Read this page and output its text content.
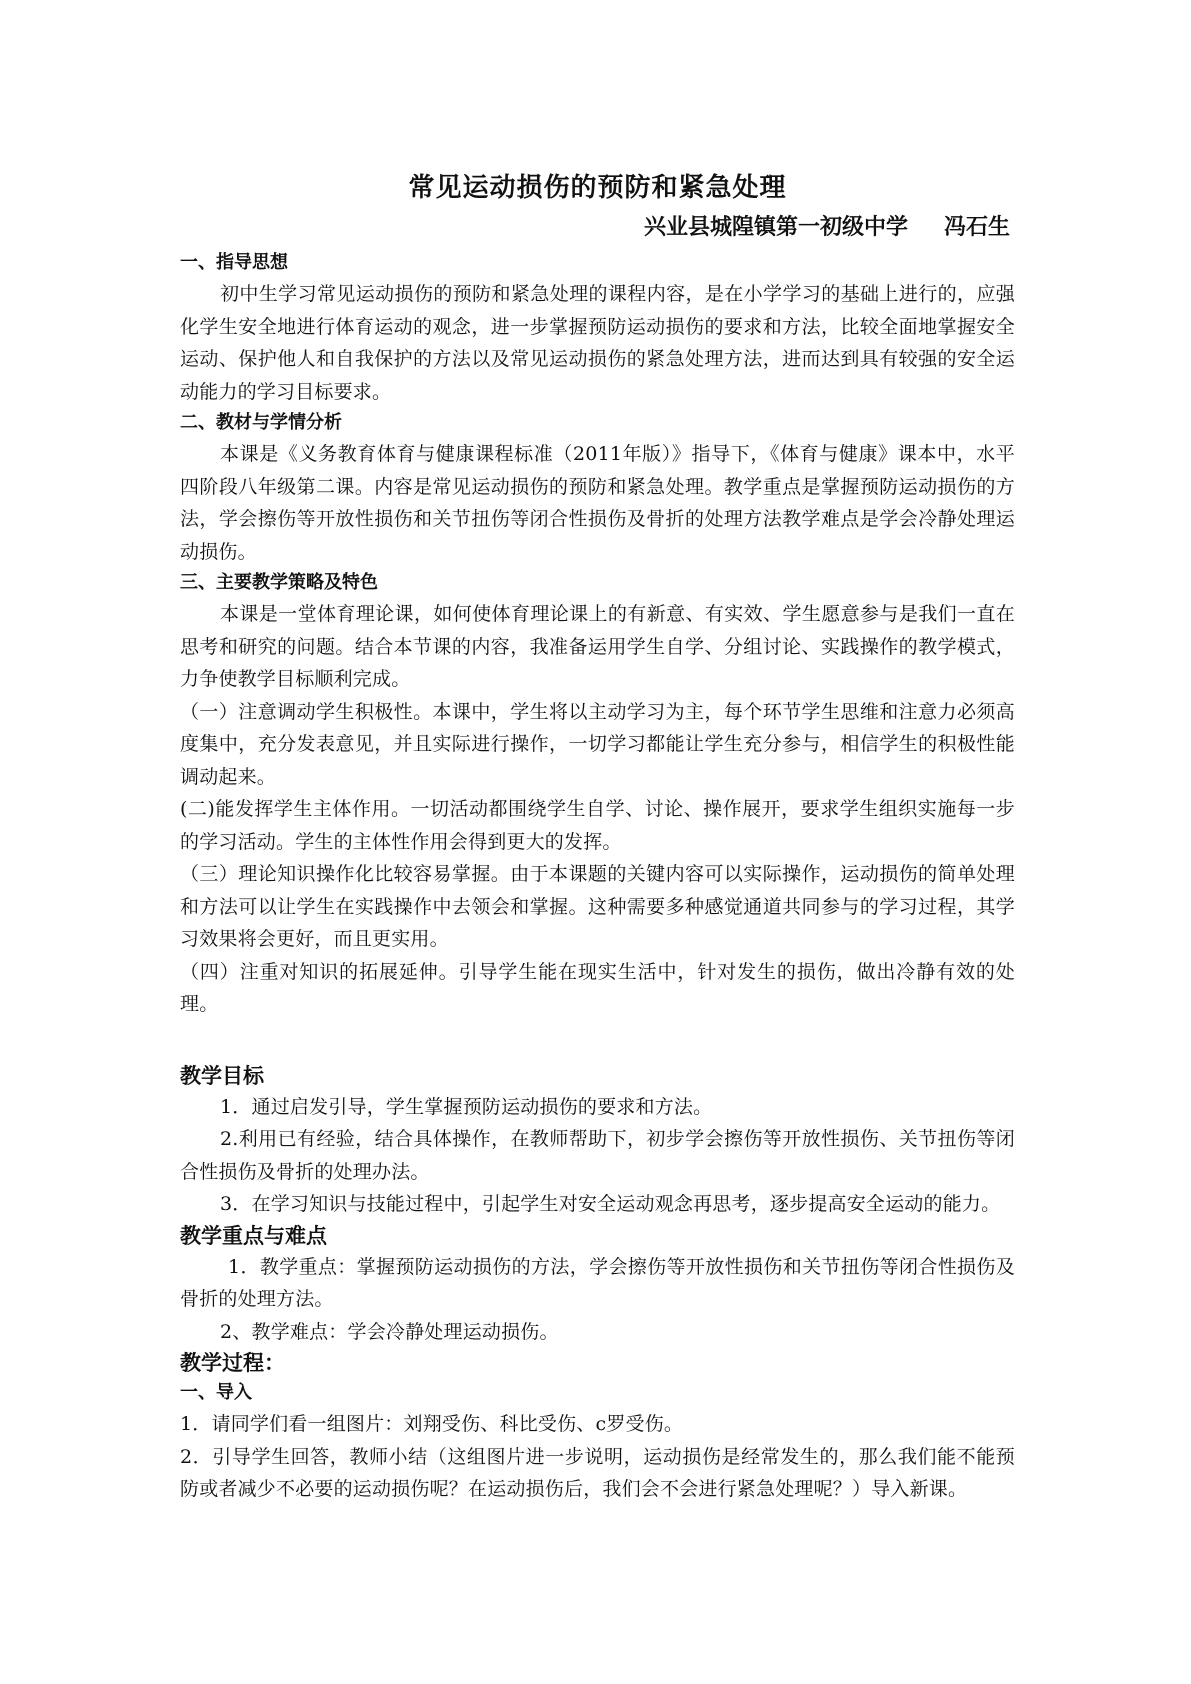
常见运动损伤的预防和紧急处理
兴业县城隍镇第一初级中学 冯石生
一、指导思想

初中生学习常见运动损伤的预防和紧急处理的课程内容，是在小学学习的基础上进行的，应强化学生安全地进行体育运动的观念，进一步掌握预防运动损伤的要求和方法，比较全面地掌握安全运动、保护他人和自我保护的方法以及常见运动损伤的紧急处理方法，进而达到具有较强的安全运动能力的学习目标要求。

二、教材与学情分析

本课是《义务教育体育与健康课程标准（2011年版）》指导下，《体育与健康》课本中，水平四阶段八年级第二课。内容是常见运动损伤的预防和紧急处理。教学重点是掌握预防运动损伤的方法，学会擦伤等开放性损伤和关节扭伤等闭合性损伤及骨折的处理方法教学难点是学会冷静处理运动损伤。

三、主要教学策略及特色

本课是一堂体育理论课，如何使体育理论课上的有新意、有实效、学生愿意参与是我们一直在思考和研究的问题。结合本节课的内容，我准备运用学生自学、分组讨论、实践操作的教学模式，力争使教学目标顺利完成。

（一）注意调动学生积极性。本课中，学生将以主动学习为主，每个环节学生思维和注意力必须高度集中，充分发表意见，并且实际进行操作，一切学习都能让学生充分参与，相信学生的积极性能调动起来。

(二)能发挥学生主体作用。一切活动都围绕学生自学、讨论、操作展开，要求学生组织实施每一步的学习活动。学生的主体性作用会得到更大的发挥。

（三）理论知识操作化比较容易掌握。由于本课题的关键内容可以实际操作，运动损伤的简单处理和方法可以让学生在实践操作中去领会和掌握。这种需要多种感觉通道共同参与的学习过程，其学习效果将会更好，而且更实用。

（四）注重对知识的拓展延伸。引导学生能在现实生活中，针对发生的损伤，做出冷静有效的处理。

教学目标

1．通过启发引导，学生掌握预防运动损伤的要求和方法。

2.利用已有经验，结合具体操作，在教师帮助下，初步学会擦伤等开放性损伤、关节扭伤等闭合性损伤及骨折的处理办法。

3．在学习知识与技能过程中，引起学生对安全运动观念再思考，逐步提高安全运动的能力。

教学重点与难点

1．教学重点：掌握预防运动损伤的方法，学会擦伤等开放性损伤和关节扭伤等闭合性损伤及骨折的处理方法。

2、教学难点：学会冷静处理运动损伤。

教学过程：
一、导入

1．请同学们看一组图片：刘翔受伤、科比受伤、c罗受伤。

2．引导学生回答，教师小结（这组图片进一步说明，运动损伤是经常发生的，那么我们能不能预防或者减少不必要的运动损伤呢？在运动损伤后，我们会不会进行紧急处理呢？）导入新课。
